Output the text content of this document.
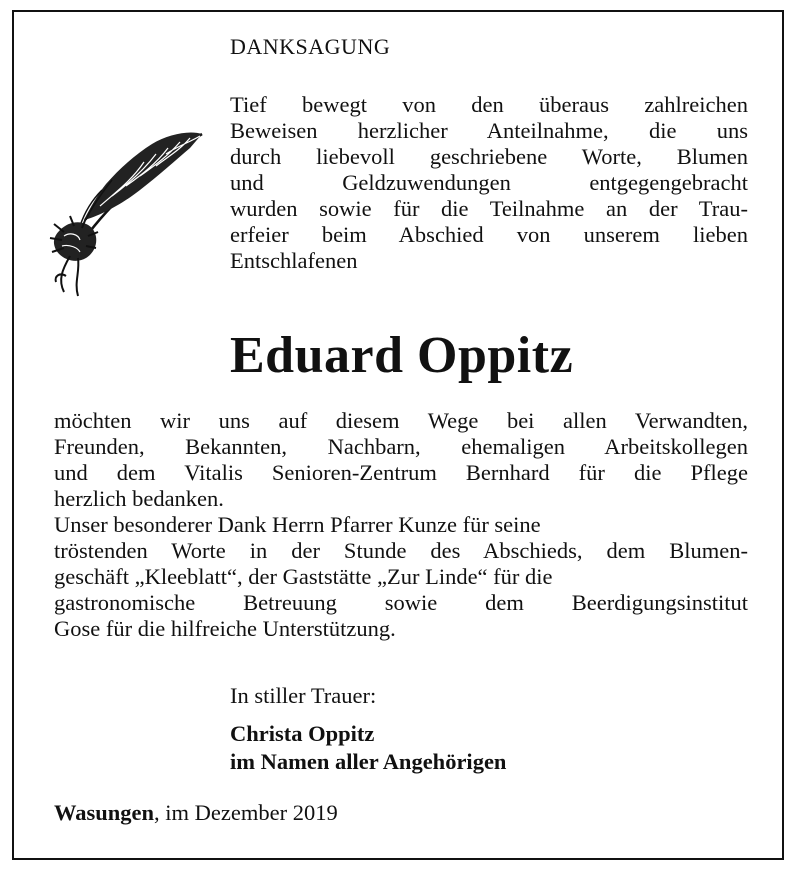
DANKSAGUNG
Tief bewegt von den überaus zahlreichen
Beweisen herzlicher Anteilnahme, die uns
durch liebevoll geschriebene Worte, Blumen
und Geldzuwendungen entgegengebracht
wurden sowie für die Teilnahme an der Trau-
erfeier beim Abschied von unserem lieben
Entschlafenen
Eduard Oppitz
möchten wir uns auf diesem Wege bei allen Verwandten,
Freunden, Bekannten, Nachbarn, ehemaligen Arbeitskollegen
und dem Vitalis Senioren-Zentrum Bernhard für die Pflege
herzlich bedanken.
Unser besonderer Dank Herrn Pfarrer Kunze für seine
tröstenden Worte in der Stunde des Abschieds, dem Blumen-
geschäft „Kleeblatt“, der Gaststätte „Zur Linde“ für die
gastronomische Betreuung sowie dem Beerdigungsinstitut
Gose für die hilfreiche Unterstützung.
In stiller Trauer:
Christa Oppitz
im Namen aller Angehörigen
Wasungen, im Dezember 2019
